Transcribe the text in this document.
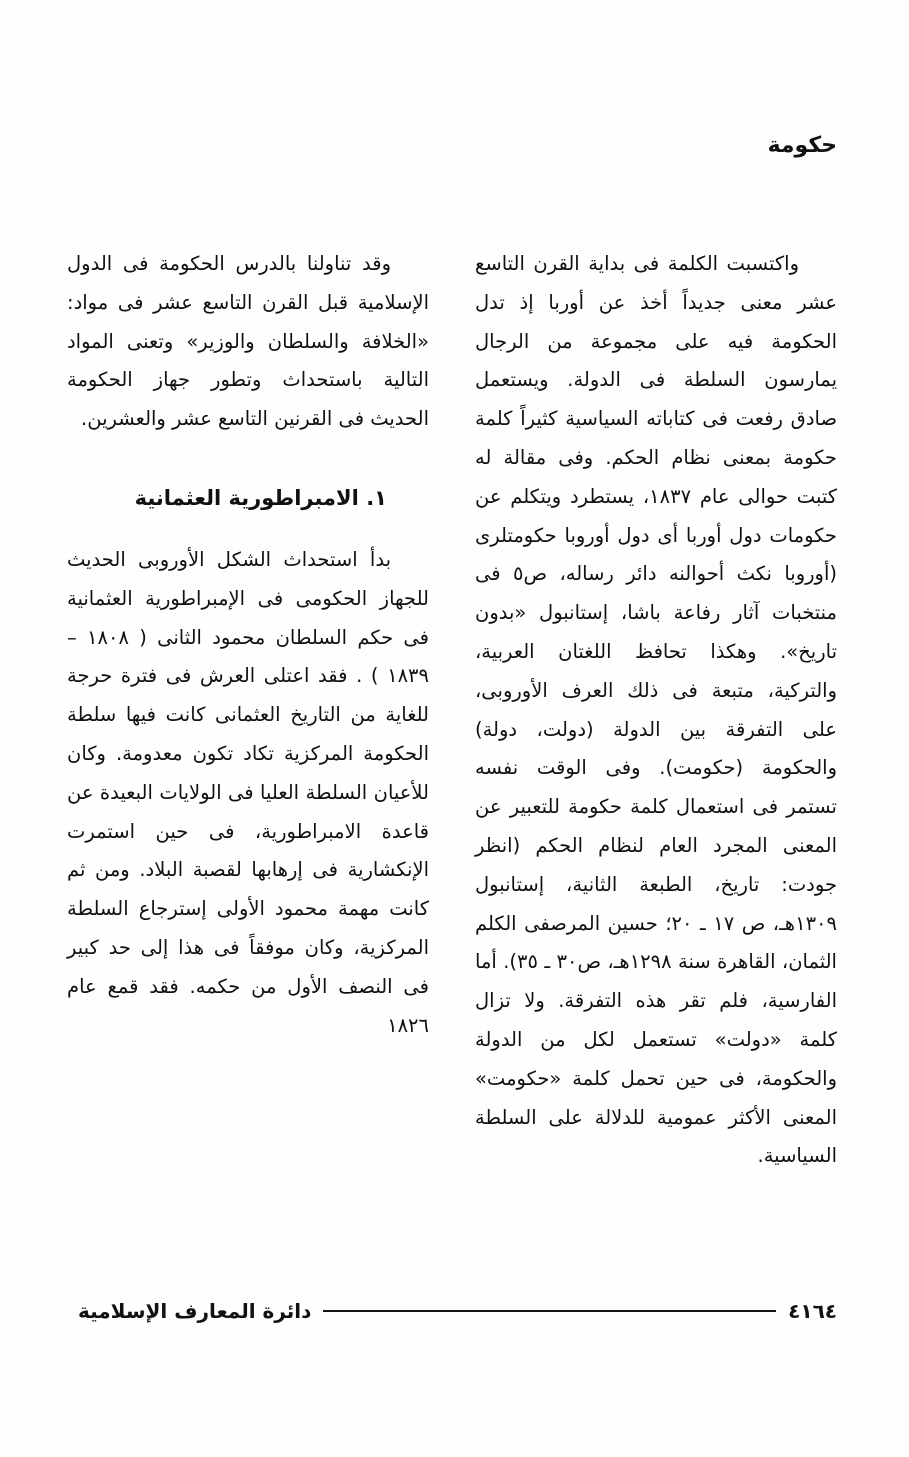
حكومة

واكتسبت الكلمة فى بداية القرن التاسع عشر معنى جديداً أخذ عن أوربا إذ تدل الحكومة فيه على مجموعة من الرجال يمارسون السلطة فى الدولة. ويستعمل صادق رفعت فى كتاباته السياسية كثيراً كلمة حكومة بمعنى نظام الحكم. وفى مقالة له كتبت حوالى عام ١٨٣٧، يستطرد ويتكلم عن حكومات دول أوربا أى دول أوروبا حكومتلرى (أوروبا نكث أحوالنه دائر رساله، ص٥ فى منتخبات آثار رفاعة باشا، إستانبول «بدون تاريخ». وهكذا تحافظ اللغتان العربية، والتركية، متبعة فى ذلك العرف الأوروبى، على التفرقة بين الدولة (دولت، دولة) والحكومة (حكومت). وفى الوقت نفسه تستمر فى استعمال كلمة حكومة للتعبير عن المعنى المجرد العام لنظام الحكم (انظر جودت: تاريخ، الطبعة الثانية، إستانبول ١٣٠٩هـ، ص ١٧ ـ ٢٠؛ حسين المرصفى الكلم الثمان، القاهرة سنة ١٢٩٨هـ، ص٣٠ ـ ٣٥). أما الفارسية، فلم تقر هذه التفرقة. ولا تزال كلمة «دولت» تستعمل لكل من الدولة والحكومة، فى حين تحمل كلمة «حكومت» المعنى الأكثر عمومية للدلالة على السلطة السياسية.

وقد تناولنا بالدرس الحكومة فى الدول الإسلامية قبل القرن التاسع عشر فى مواد: «الخلافة والسلطان والوزير» وتعنى المواد التالية باستحداث وتطور جهاز الحكومة الحديث فى القرنين التاسع عشر والعشرين.

١. الامبراطورية العثمانية

بدأ استحداث الشكل الأوروبى الحديث للجهاز الحكومى فى الإمبراطورية العثمانية فى حكم السلطان محمود الثانى ( ١٨٠٨ – ١٨٣٩ ) . فقد اعتلى العرش فى فترة حرجة للغاية من التاريخ العثمانى كانت فيها سلطة الحكومة المركزية تكاد تكون معدومة. وكان للأعيان السلطة العليا فى الولايات البعيدة عن قاعدة الامبراطورية، فى حين استمرت الإنكشارية فى إرهابها لقصبة البلاد. ومن ثم كانت مهمة محمود الأولى إسترجاع السلطة المركزية، وكان موفقاً فى هذا إلى حد كبير فى النصف الأول من حكمه. فقد قمع عام ١٨٢٦

٤١٦٤
دائرة المعارف الإسلامية
